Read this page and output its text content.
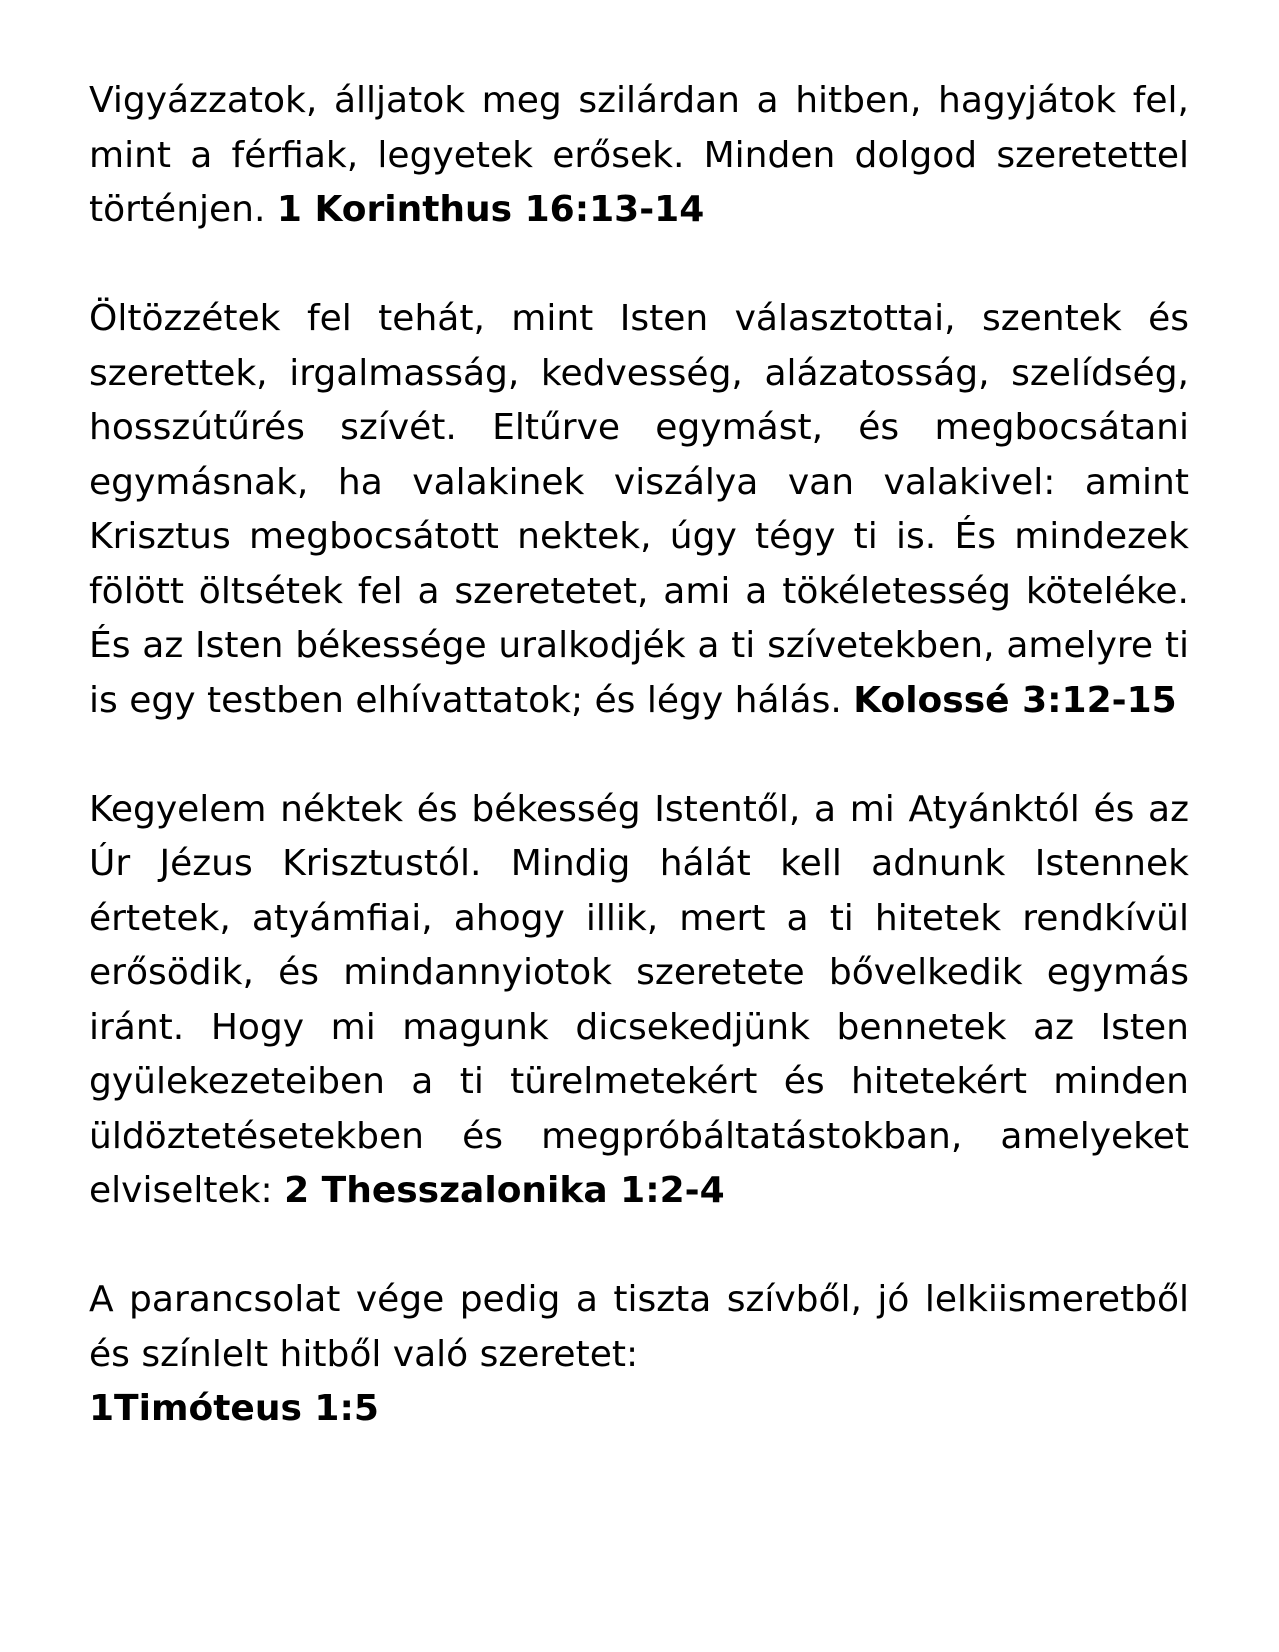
Vigyázzatok, álljatok meg szilárdan a hitben, hagyjátok fel, mint a férfiak, legyetek erősek. Minden dolgod szeretettel történjen. 1 Korinthus 16:13-14

Öltözzétek fel tehát, mint Isten választottai, szentek és szerettek, irgalmasság, kedvesség, alázatosság, szelídség, hosszútűrés szívét. Eltűrve egymást, és megbocsátani egymásnak, ha valakinek viszálya van valakivel: amint Krisztus megbocsátott nektek, úgy tégy ti is. És mindezek fölött öltsétek fel a szeretetet, ami a tökéletesség köteléke. És az Isten békessége uralkodjék a ti szívetekben, amelyre ti is egy testben elhívattatok; és légy hálás. Kolossé 3:12-15

Kegyelem néktek és békesség Istentől, a mi Atyánktól és az Úr Jézus Krisztustól. Mindig hálát kell adnunk Istennek értetek, atyámfiai, ahogy illik, mert a ti hitetek rendkívül erősödik, és mindannyiotok szeretete bővelkedik egymás iránt. Hogy mi magunk dicsekedjünk bennetek az Isten gyülekezeteiben a ti türelmetekért és hitetekért minden üldöztetésetekben és megpróbáltatástokban, amelyeket elviseltek: 2 Thesszalonika 1:2-4

A parancsolat vége pedig a tiszta szívből, jó lelkiismeretből és színlelt hitből való szeretet:
1Timóteus 1:5
